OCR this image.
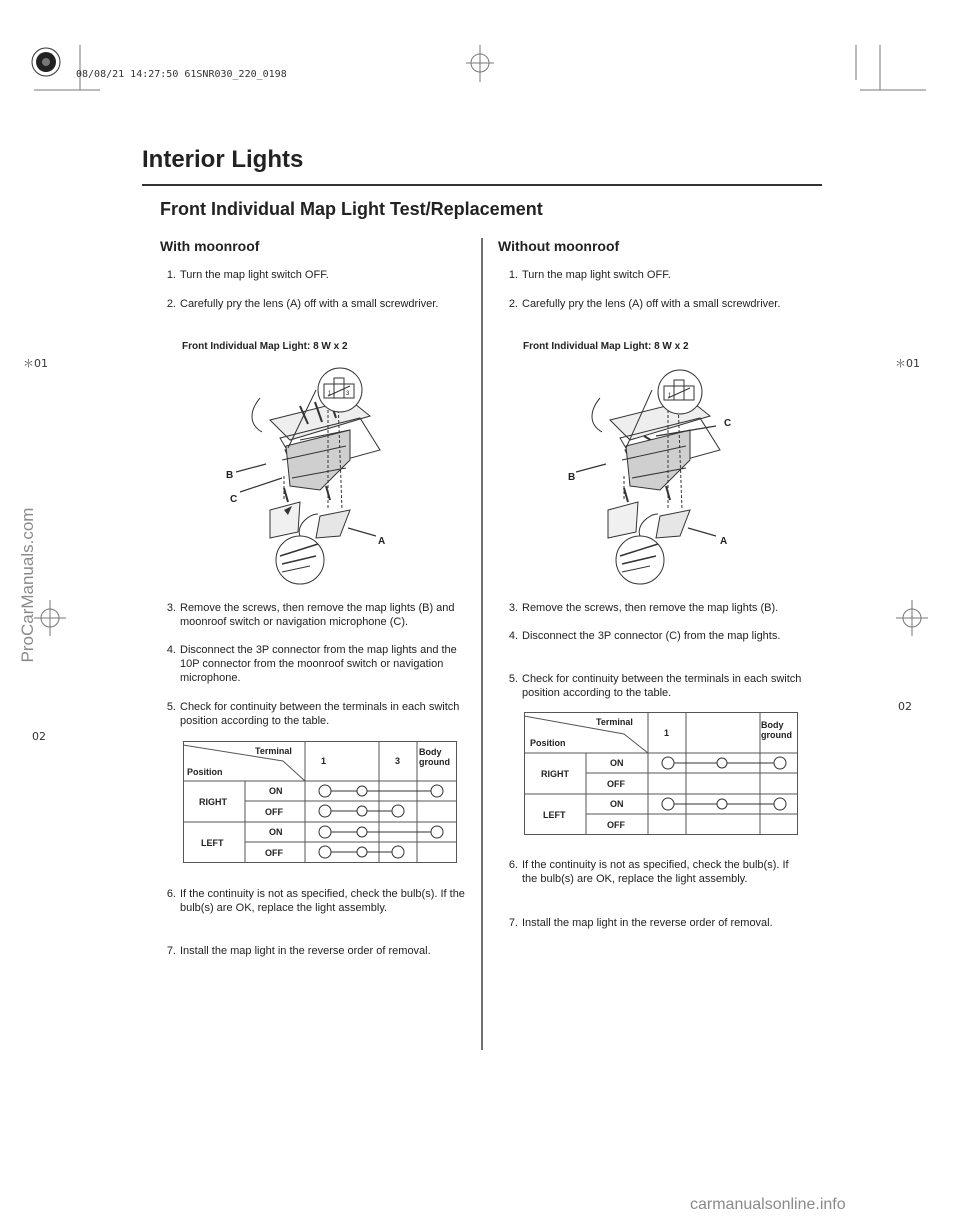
08/08/21 14:27:50 61SNR030_220_0198
Interior Lights
Front Individual Map Light Test/Replacement
＊01	＊01
02
02
ProCarManuals.com
With moonroof
1. Turn the map light switch OFF.
2. Carefully pry the lens (A) off with a small screwdriver.
Front Individual Map Light: 8 W x 2
B
C
A
1 3
3. Remove the screws, then remove the map lights (B) and moonroof switch or navigation microphone (C).
4. Disconnect the 3P connector from the map lights and the 10P connector from the moonroof switch or navigation microphone.
5. Check for continuity between the terminals in each switch position according to the table.
Terminal
Position
1	3
Body ground
RIGHT
ON
OFF
LEFT
ON
OFF
6. If the continuity is not as specified, check the bulb(s). If the bulb(s) are OK, replace the light assembly.
7. Install the map light in the reverse order of removal.
Without moonroof
1. Turn the map light switch OFF.
2. Carefully pry the lens (A) off with a small screwdriver.
Front Individual Map Light: 8 W x 2
B
C
A
1
3. Remove the screws, then remove the map lights (B).
4. Disconnect the 3P connector (C) from the map lights.
5. Check for continuity between the terminals in each switch position according to the table.
Terminal
Position
1
Body ground
RIGHT
ON
OFF
LEFT
ON
OFF
6. If the continuity is not as specified, check the bulb(s). If the bulb(s) are OK, replace the light assembly.
7. Install the map light in the reverse order of removal.
carmanualsonline.info
